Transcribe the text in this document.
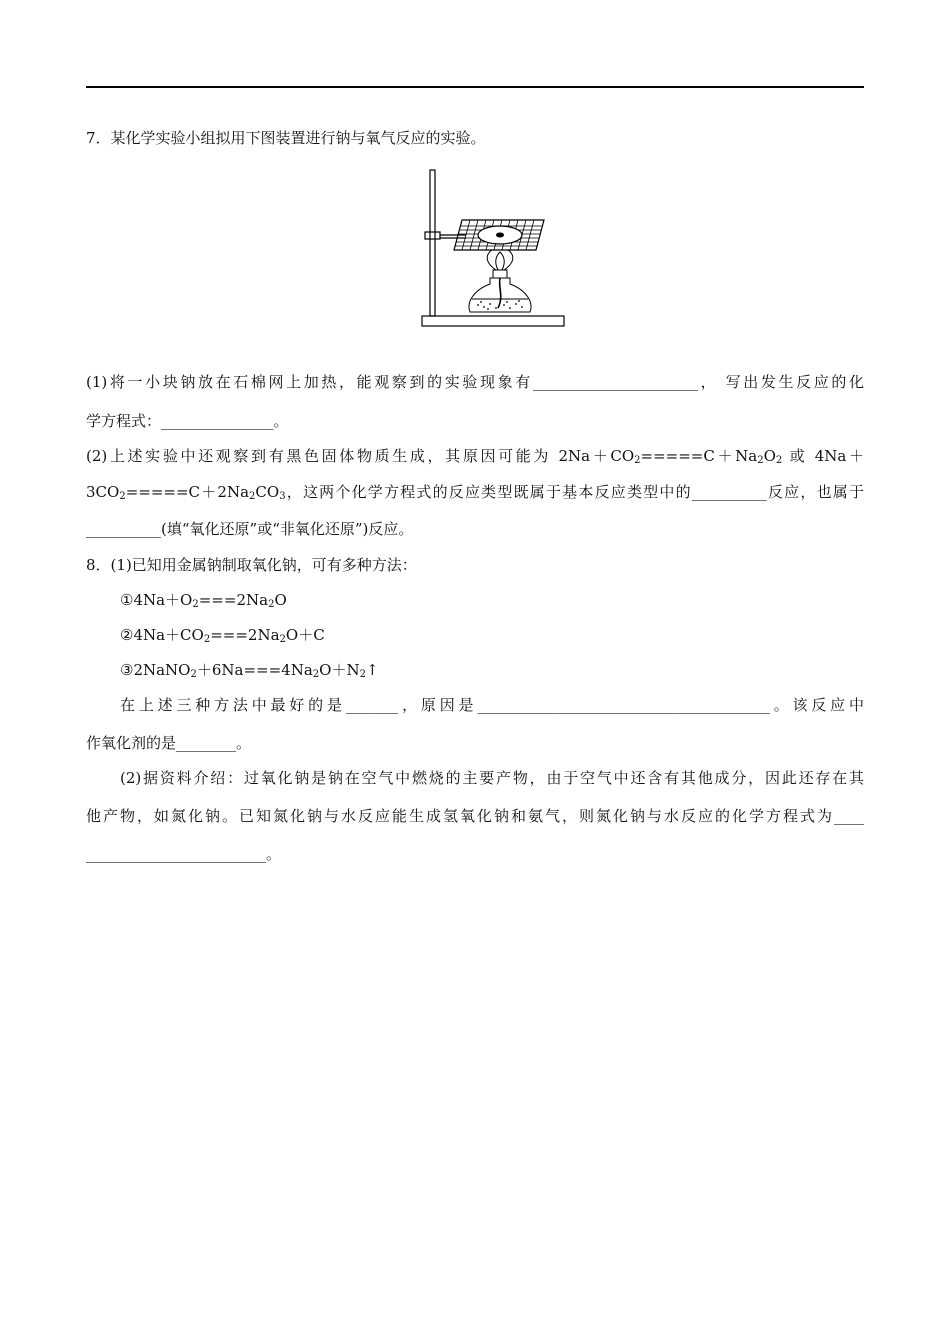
7．某化学实验小组拟用下图装置进行钠与氧气反应的实验。
(1)将一小块钠放在石棉网上加热，能观察到的实验现象有______________________， 写出发生反应的化
学方程式：_______________。
(2)上述实验中还观察到有黑色固体物质生成，其原因可能为 $2Na+CO_2=====C+Na_2O_2$ 或 4Na＋
$3CO_2=====C+2Na_2CO_3$，这两个化学方程式的反应类型既属于基本反应类型中的__________反应，也属于
__________(填“氧化还原”或“非氧化还原”)反应。
8．(1)已知用金属钠制取氧化钠，可有多种方法：
$①4Na+O_2===2Na_2O$
$②4Na+CO_2===2Na_2O+C$
$③2NaNO_2+6Na===4Na_2O+N_2↑$
在上述三种方法中最好的是_______，原因是_______________________________________。该反应中
作氧化剂的是________。
(2)据资料介绍：过氧化钠是钠在空气中燃烧的主要产物，由于空气中还含有其他成分，因此还存在其
他产物，如氮化钠。已知氮化钠与水反应能生成氢氧化钠和氨气，则氮化钠与水反应的化学方程式为____
________________________。
